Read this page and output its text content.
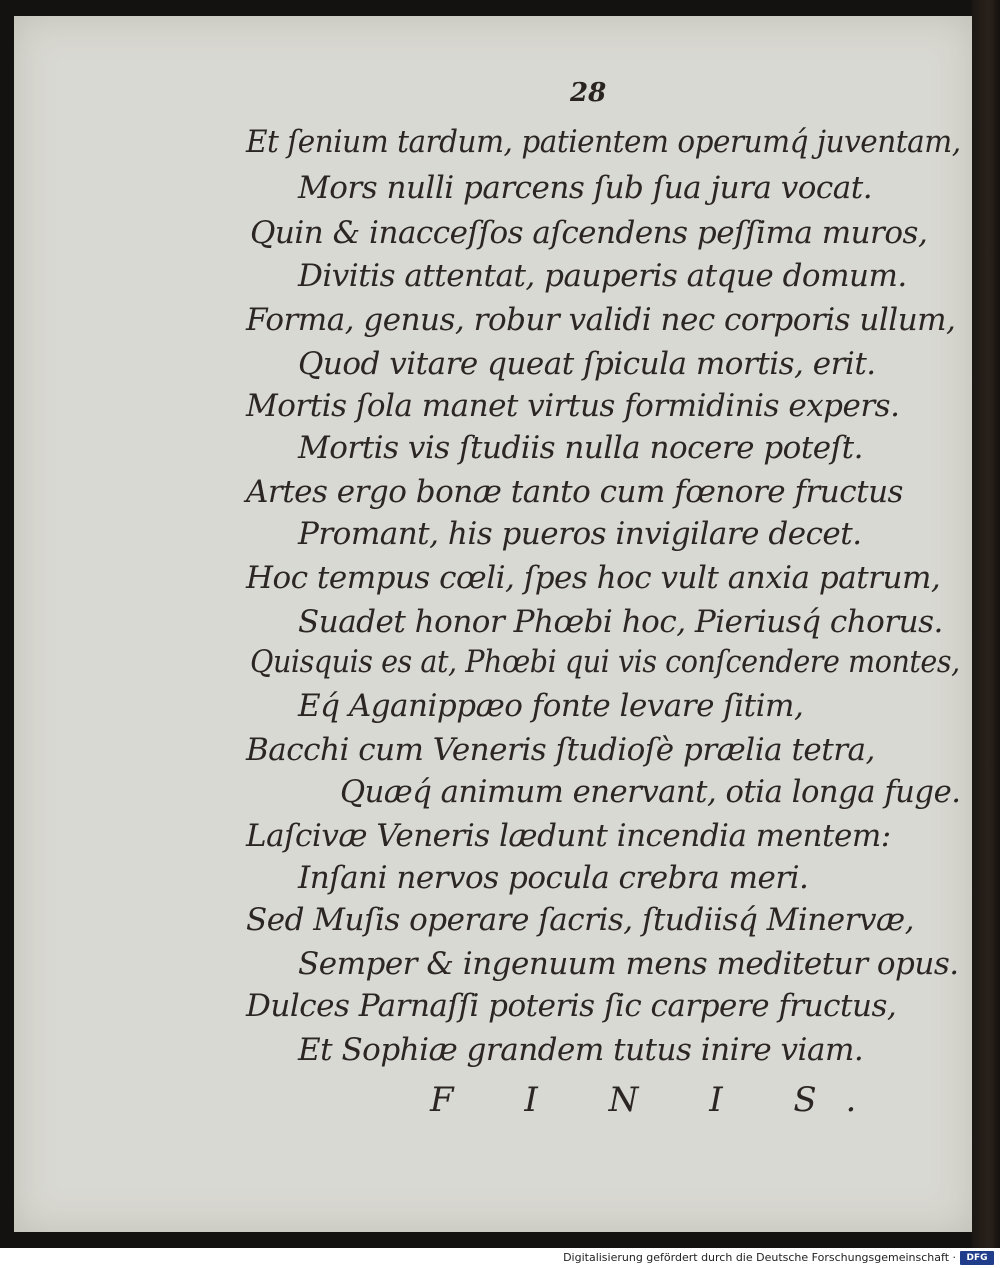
28
Et ſenium tardum, patientem operumq́ juventam,
Mors nulli parcens ſub ſua jura vocat.
Quin & inacceſſos aſcendens peſſima muros,
Divitis attentat, pauperis atque domum.
Forma, genus, robur validi nec corporis ullum,
Quod vitare queat ſpicula mortis, erit.
Mortis ſola manet virtus formidinis expers.
Mortis vis ſtudiis nulla nocere poteſt.
Artes ergo bonæ tanto cum fœnore fructus
Promant, his pueros invigilare decet.
Hoc tempus cœli, ſpes hoc vult anxia patrum,
Suadet honor Phœbi hoc, Pieriusq́ chorus.
Quisquis es at, Phœbi qui vis conſcendere montes,
Eq́ Aganippæo fonte levare ſitim,
Bacchi cum Veneris ſtudioſè prælia tetra,
Quæq́ animum enervant, otia longa fuge.
Laſcivæ Veneris lædunt incendia mentem:
Inſani nervos pocula crebra meri.
Sed Muſis operare ſacris, ſtudiisq́ Minervæ,
Semper & ingenuum mens meditetur opus.
Dulces Parnaſſi poteris ſic carpere fructus,
Et Sophiæ grandem tutus inire viam.
F I N I S.
Digitalisierung gefördert durch die Deutsche Forschungsgemeinschaft ·	DFG
